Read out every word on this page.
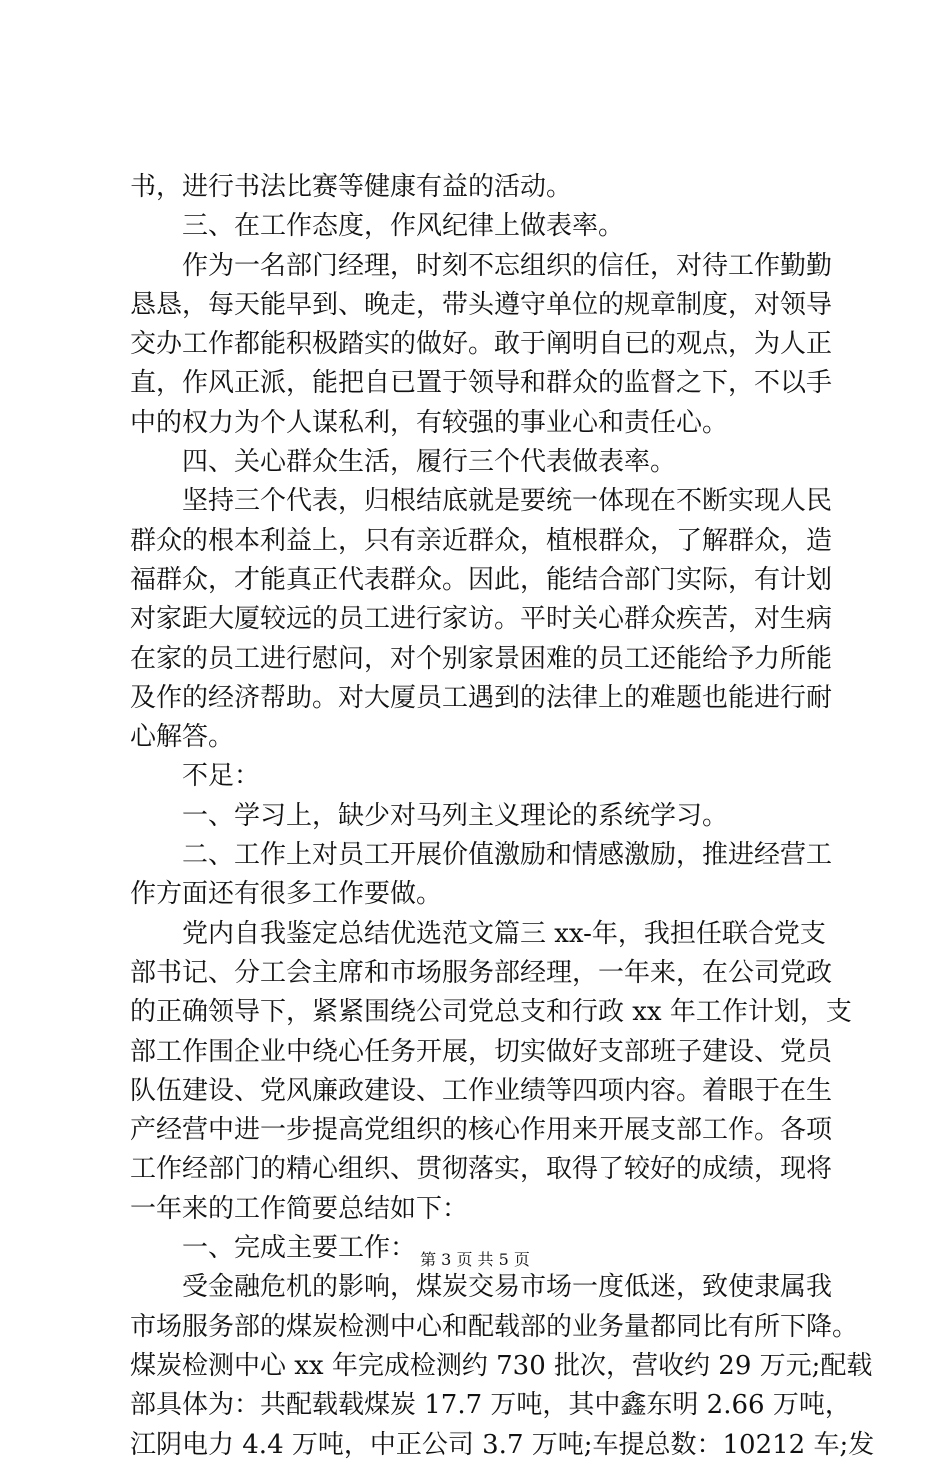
书，进行书法比赛等健康有益的活动。
　　三、在工作态度，作风纪律上做表率。
　　作为一名部门经理，时刻不忘组织的信任，对待工作勤勤
恳恳，每天能早到、晚走，带头遵守单位的规章制度，对领导
交办工作都能积极踏实的做好。敢于阐明自已的观点，为人正
直，作风正派，能把自已置于领导和群众的监督之下，不以手
中的权力为个人谋私利，有较强的事业心和责任心。
　　四、关心群众生活，履行三个代表做表率。
　　坚持三个代表，归根结底就是要统一体现在不断实现人民
群众的根本利益上，只有亲近群众，植根群众，了解群众，造
福群众，才能真正代表群众。因此，能结合部门实际，有计划
对家距大厦较远的员工进行家访。平时关心群众疾苦，对生病
在家的员工进行慰问，对个别家景困难的员工还能给予力所能
及作的经济帮助。对大厦员工遇到的法律上的难题也能进行耐
心解答。
　　不足：
　　一、学习上，缺少对马列主义理论的系统学习。
　　二、工作上对员工开展价值激励和情感激励，推进经营工
作方面还有很多工作要做。
　　党内自我鉴定总结优选范文篇三 xx-年，我担任联合党支
部书记、分工会主席和市场服务部经理，一年来，在公司党政
的正确领导下，紧紧围绕公司党总支和行政 xx 年工作计划，支
部工作围企业中绕心任务开展，切实做好支部班子建设、党员
队伍建设、党风廉政建设、工作业绩等四项内容。着眼于在生
产经营中进一步提高党组织的核心作用来开展支部工作。各项
工作经部门的精心组织、贯彻落实，取得了较好的成绩，现将
一年来的工作简要总结如下：
　　一、完成主要工作：
　　受金融危机的影响，煤炭交易市场一度低迷，致使隶属我
市场服务部的煤炭检测中心和配载部的业务量都同比有所下降。
煤炭检测中心 xx 年完成检测约 730 批次，营收约 29 万元;配载
部具体为：共配载载煤炭 17.7 万吨，其中鑫东明 2.66 万吨，
江阴电力 4.4 万吨，中正公司 3.7 万吨;车提总数：10212 车;发
第 3 页 共 5 页
